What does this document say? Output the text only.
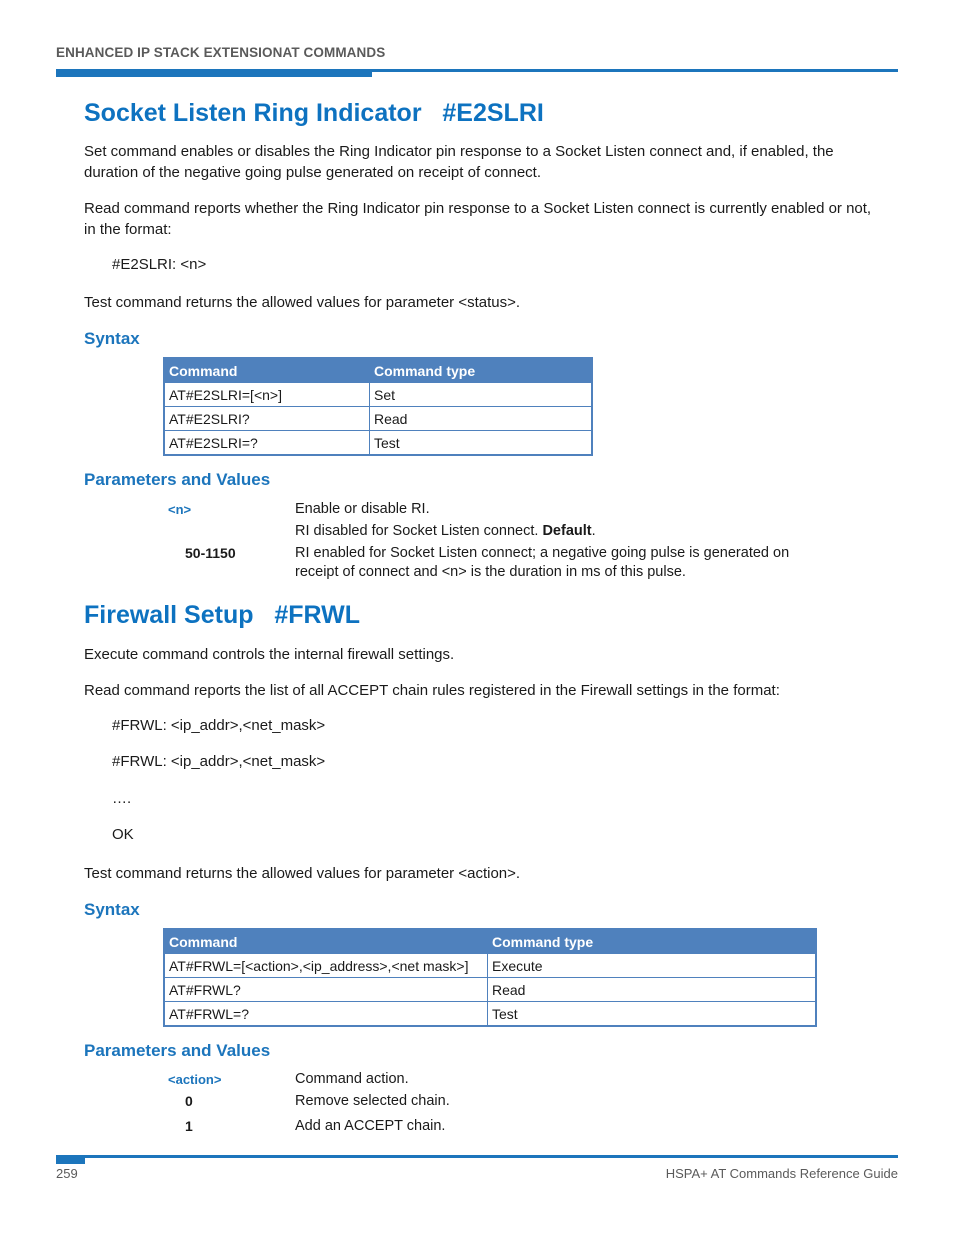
ENHANCED IP STACK EXTENSIONAT COMMANDS
Socket Listen Ring Indicator   #E2SLRI
Set command enables or disables the Ring Indicator pin response to a Socket Listen connect and, if enabled, the duration of the negative going pulse generated on receipt of connect.
Read command reports whether the Ring Indicator pin response to a Socket Listen connect is currently enabled or not, in the format:
#E2SLRI: <n>
Test command returns the allowed values for parameter <status>.
Syntax
Command	Command type
AT#E2SLRI=[<n>]	Set
AT#E2SLRI?	Read
AT#E2SLRI=?	Test
Parameters and Values
<n>	Enable or disable RI.
RI disabled for Socket Listen connect. Default.
50-1150	RI enabled for Socket Listen connect; a negative going pulse is generated on receipt of connect and <n> is the duration in ms of this pulse.
Firewall Setup   #FRWL
Execute command controls the internal firewall settings.
Read command reports the list of all ACCEPT chain rules registered in the Firewall settings in the format:
#FRWL: <ip_addr>,<net_mask>
#FRWL: <ip_addr>,<net_mask>
….
OK
Test command returns the allowed values for parameter <action>.
Syntax
Command	Command type
AT#FRWL=[<action>,<ip_address>,<net mask>]	Execute
AT#FRWL?	Read
AT#FRWL=?	Test
Parameters and Values
<action>	Command action.
0	Remove selected chain.
1	Add an ACCEPT chain.
259	HSPA+ AT Commands Reference Guide
